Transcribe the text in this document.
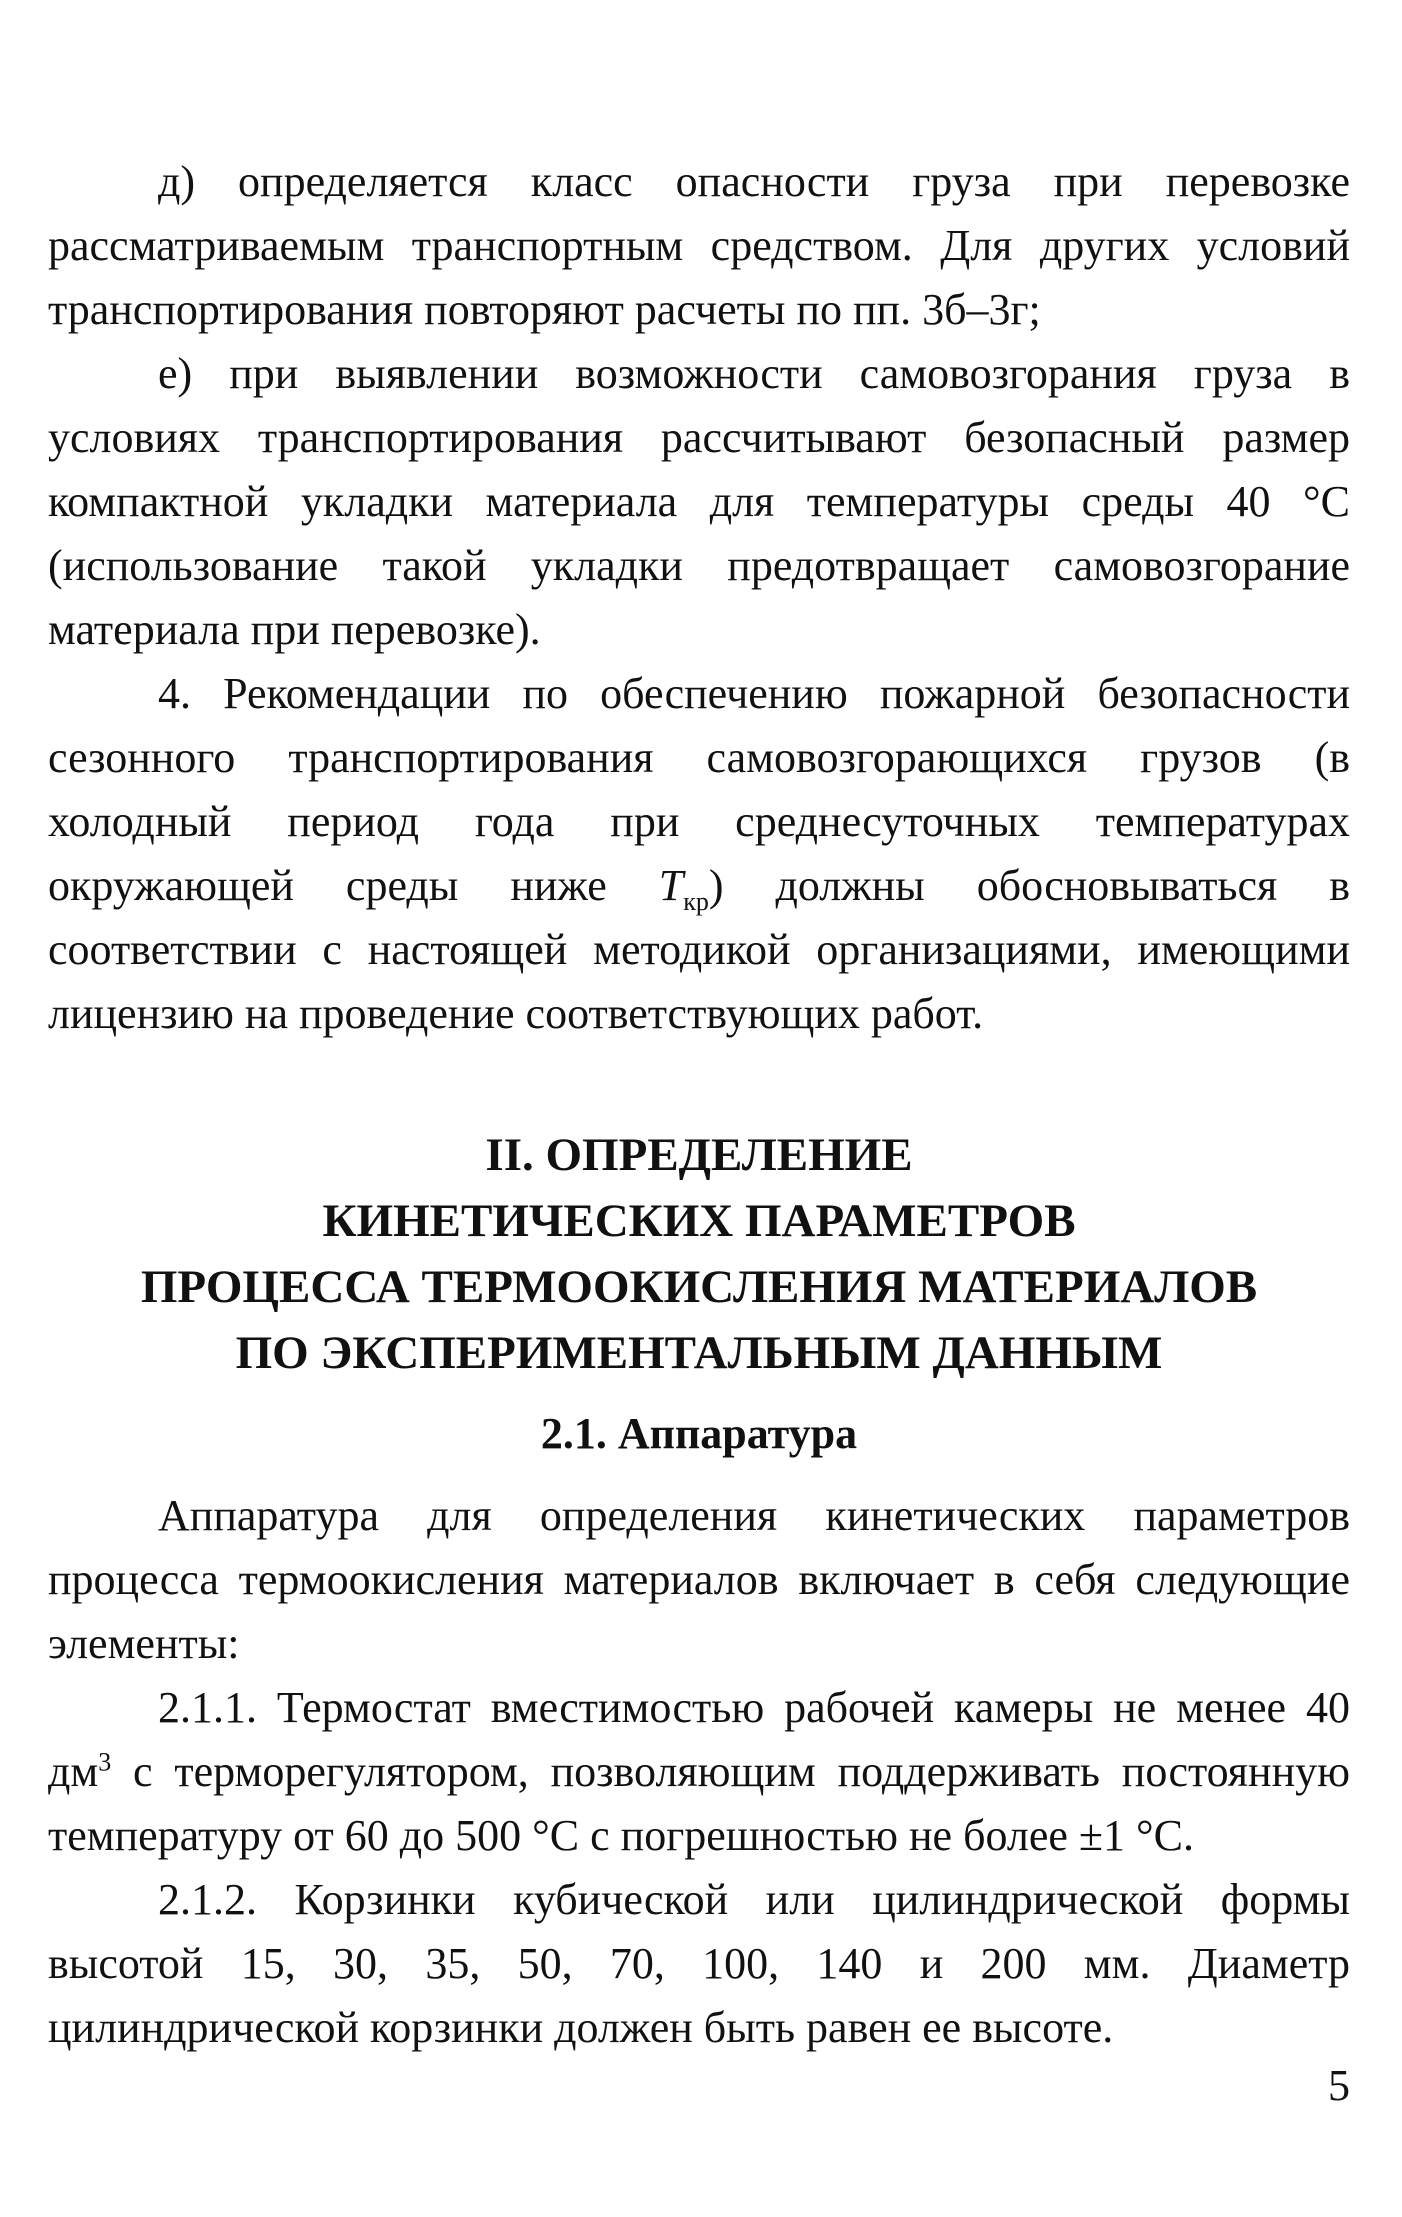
д) определяется класс опасности груза при перевозке рассматриваемым транспортным средством. Для других условий транспортирования повторяют расчеты по пп. 3б–3г;

е) при выявлении возможности самовозгорания груза в условиях транспортирования рассчитывают безопасный размер компактной укладки материала для температуры среды 40 °С (использование такой укладки предотвращает самовозгорание материала при перевозке).

4. Рекомендации по обеспечению пожарной безопасности сезонного транспортирования самовозгорающихся грузов (в холодный период года при среднесуточных температурах окружающей среды ниже $T_{кр}$) должны обосновываться в соответствии с настоящей методикой организациями, имеющими лицензию на проведение соответствующих работ.

II. ОПРЕДЕЛЕНИЕ

КИНЕТИЧЕСКИХ ПАРАМЕТРОВ

ПРОЦЕССА ТЕРМООКИСЛЕНИЯ МАТЕРИАЛОВ

ПО ЭКСПЕРИМЕНТАЛЬНЫМ ДАННЫМ

2.1. Аппаратура

Аппаратура для определения кинетических параметров процесса термоокисления материалов включает в себя следующие элементы:

2.1.1. Термостат вместимостью рабочей камеры не менее 40 $дм^3$ с терморегулятором, позволяющим поддерживать постоянную температуру от 60 до 500 °С с погрешностью не более ±1 °С.

2.1.2. Корзинки кубической или цилиндрической формы высотой 15, 30, 35, 50, 70, 100, 140 и 200 мм. Диаметр цилиндрической корзинки должен быть равен ее высоте.

5
